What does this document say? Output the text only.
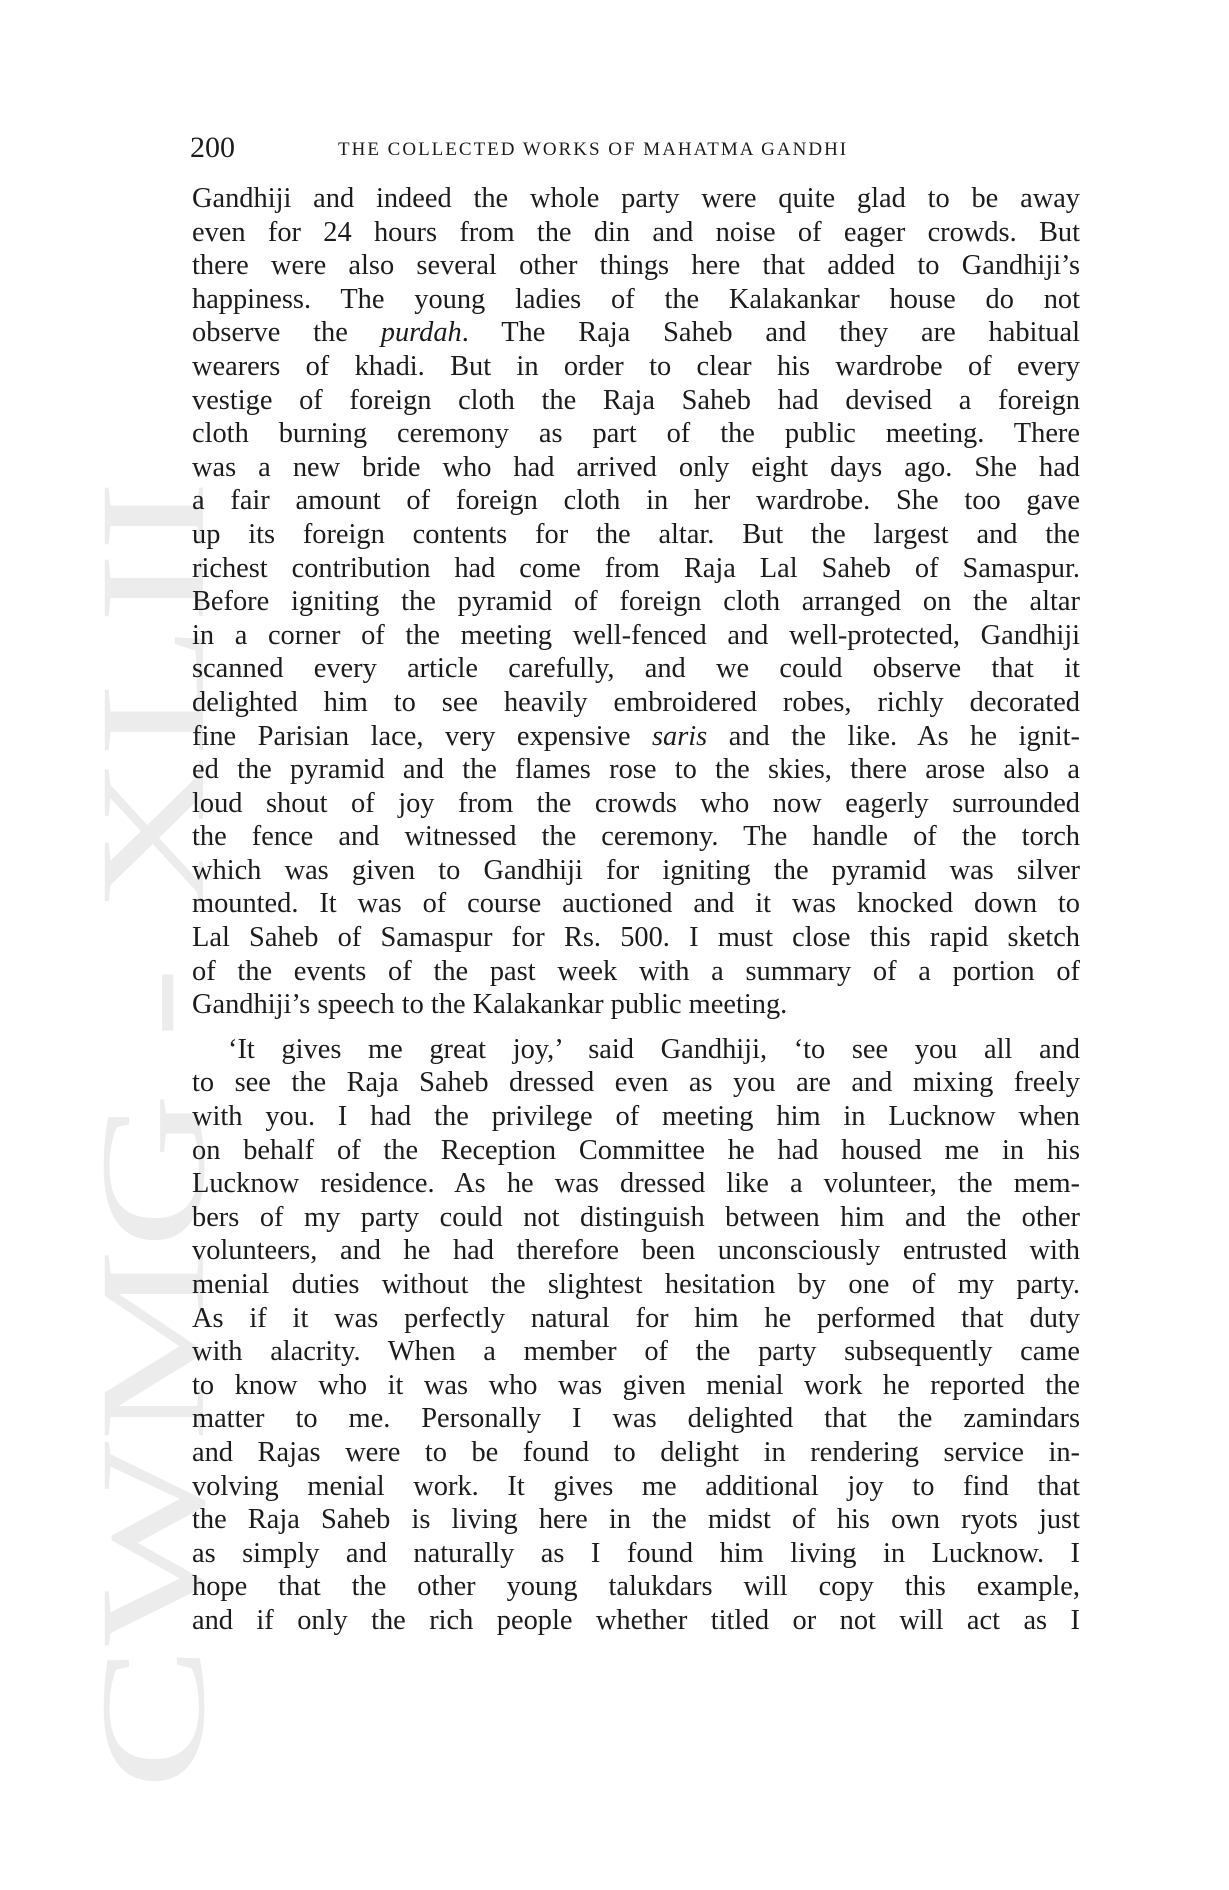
CWMG - XLII
200	THE COLLECTED WORKS OF MAHATMA GANDHI

Gandhiji and indeed the whole party were quite glad to be away
even for 24 hours from the din and noise of eager crowds. But
there were also several other things here that added to Gandhiji’s
happiness. The young ladies of the Kalakankar house do not
observe the purdah. The Raja Saheb and they are habitual
wearers of khadi. But in order to clear his wardrobe of every
vestige of foreign cloth the Raja Saheb had devised a foreign
cloth burning ceremony as part of the public meeting. There
was a new bride who had arrived only eight days ago. She had
a fair amount of foreign cloth in her wardrobe. She too gave
up its foreign contents for the altar. But the largest and the
richest contribution had come from Raja Lal Saheb of Samaspur.
Before igniting the pyramid of foreign cloth arranged on the altar
in a corner of the meeting well-fenced and well-protected, Gandhiji
scanned every article carefully, and we could observe that it
delighted him to see heavily embroidered robes, richly decorated
fine Parisian lace, very expensive saris and the like. As he ignit-
ed the pyramid and the flames rose to the skies, there arose also a
loud shout of joy from the crowds who now eagerly surrounded
the fence and witnessed the ceremony. The handle of the torch
which was given to Gandhiji for igniting the pyramid was silver
mounted. It was of course auctioned and it was knocked down to
Lal Saheb of Samaspur for Rs. 500. I must close this rapid sketch
of the events of the past week with a summary of a portion of
Gandhiji’s speech to the Kalakankar public meeting.

‘It gives me great joy,’ said Gandhiji, ‘to see you all and
to see the Raja Saheb dressed even as you are and mixing freely
with you. I had the privilege of meeting him in Lucknow when
on behalf of the Reception Committee he had housed me in his
Lucknow residence. As he was dressed like a volunteer, the mem-
bers of my party could not distinguish between him and the other
volunteers, and he had therefore been unconsciously entrusted with
menial duties without the slightest hesitation by one of my party.
As if it was perfectly natural for him he performed that duty
with alacrity. When a member of the party subsequently came
to know who it was who was given menial work he reported the
matter to me. Personally I was delighted that the zamindars
and Rajas were to be found to delight in rendering service in-
volving menial work. It gives me additional joy to find that
the Raja Saheb is living here in the midst of his own ryots just
as simply and naturally as I found him living in Lucknow. I
hope that the other young talukdars will copy this example,
and if only the rich people whether titled or not will act as I
